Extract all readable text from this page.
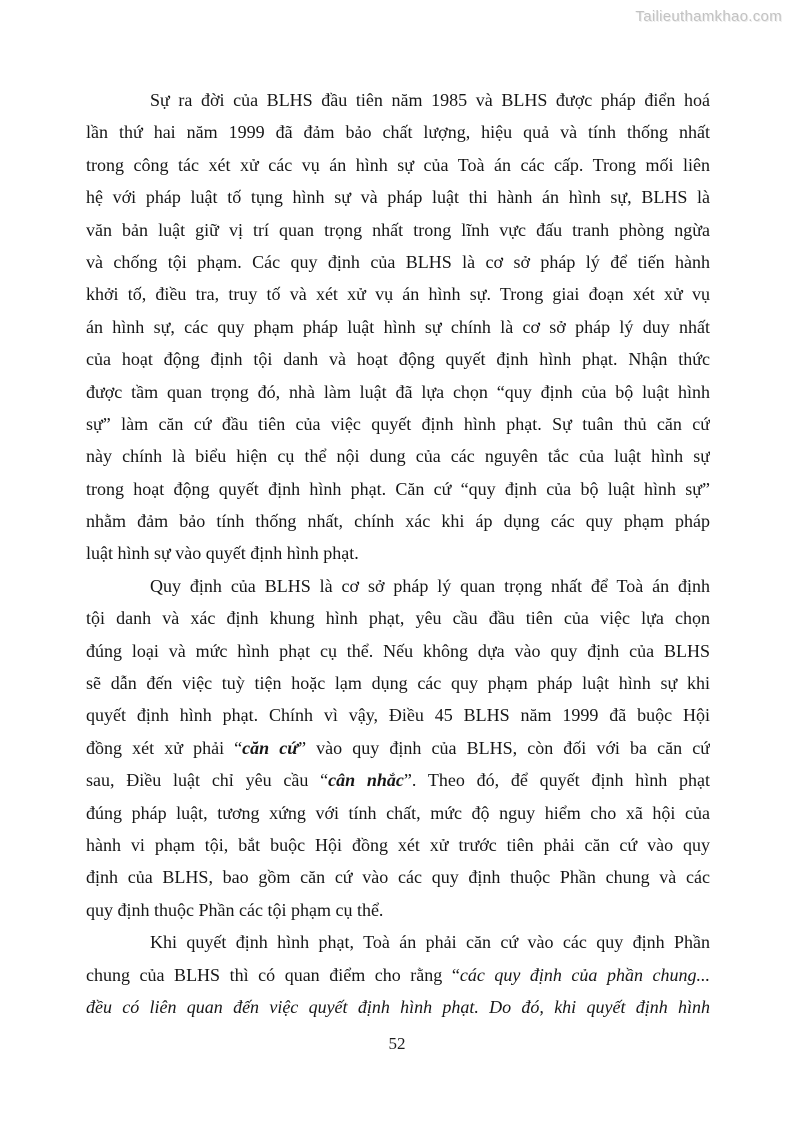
Tailieuthamkhao.com
Sự ra đời của BLHS đầu tiên năm 1985 và BLHS được pháp điển hoá
lần thứ hai năm 1999 đã đảm bảo chất lượng, hiệu quả và tính thống nhất
trong công tác xét xử các vụ án hình sự của Toà án các cấp. Trong mối liên
hệ với pháp luật tố tụng hình sự và pháp luật thi hành án hình sự, BLHS là
văn bản luật giữ vị trí quan trọng nhất trong lĩnh vực đấu tranh phòng ngừa
và chống tội phạm. Các quy định của BLHS là cơ sở pháp lý để tiến hành
khởi tố, điều tra, truy tố và xét xử vụ án hình sự. Trong giai đoạn xét xử vụ
án hình sự, các quy phạm pháp luật hình sự chính là cơ sở pháp lý duy nhất
của hoạt động định tội danh và hoạt động quyết định hình phạt. Nhận thức
được tầm quan trọng đó, nhà làm luật đã lựa chọn “quy định của bộ luật hình
sự” làm căn cứ đầu tiên của việc quyết định hình phạt. Sự tuân thủ căn cứ
này chính là biểu hiện cụ thể nội dung của các nguyên tắc của luật hình sự
trong hoạt động quyết định hình phạt. Căn cứ “quy định của bộ luật hình sự”
nhằm đảm bảo tính thống nhất, chính xác khi áp dụng các quy phạm pháp
luật hình sự vào quyết định hình phạt.
Quy định của BLHS là cơ sở pháp lý quan trọng nhất để Toà án định
tội danh và xác định khung hình phạt, yêu cầu đầu tiên của việc lựa chọn
đúng loại và mức hình phạt cụ thể. Nếu không dựa vào quy định của BLHS
sẽ dẫn đến việc tuỳ tiện hoặc lạm dụng các quy phạm pháp luật hình sự khi
quyết định hình phạt. Chính vì vậy, Điều 45 BLHS năm 1999 đã buộc Hội
đồng xét xử phải “căn cứ” vào quy định của BLHS, còn đối với ba căn cứ
sau, Điều luật chỉ yêu cầu “cân nhắc”. Theo đó, để quyết định hình phạt
đúng pháp luật, tương xứng với tính chất, mức độ nguy hiểm cho xã hội của
hành vi phạm tội, bắt buộc Hội đồng xét xử trước tiên phải căn cứ vào quy
định của BLHS, bao gồm căn cứ vào các quy định thuộc Phần chung và các
quy định thuộc Phần các tội phạm cụ thể.
Khi quyết định hình phạt, Toà án phải căn cứ vào các quy định Phần
chung của BLHS thì có quan điểm cho rằng “các quy định của phần chung...
đều có liên quan đến việc quyết định hình phạt. Do đó, khi quyết định hình
52
